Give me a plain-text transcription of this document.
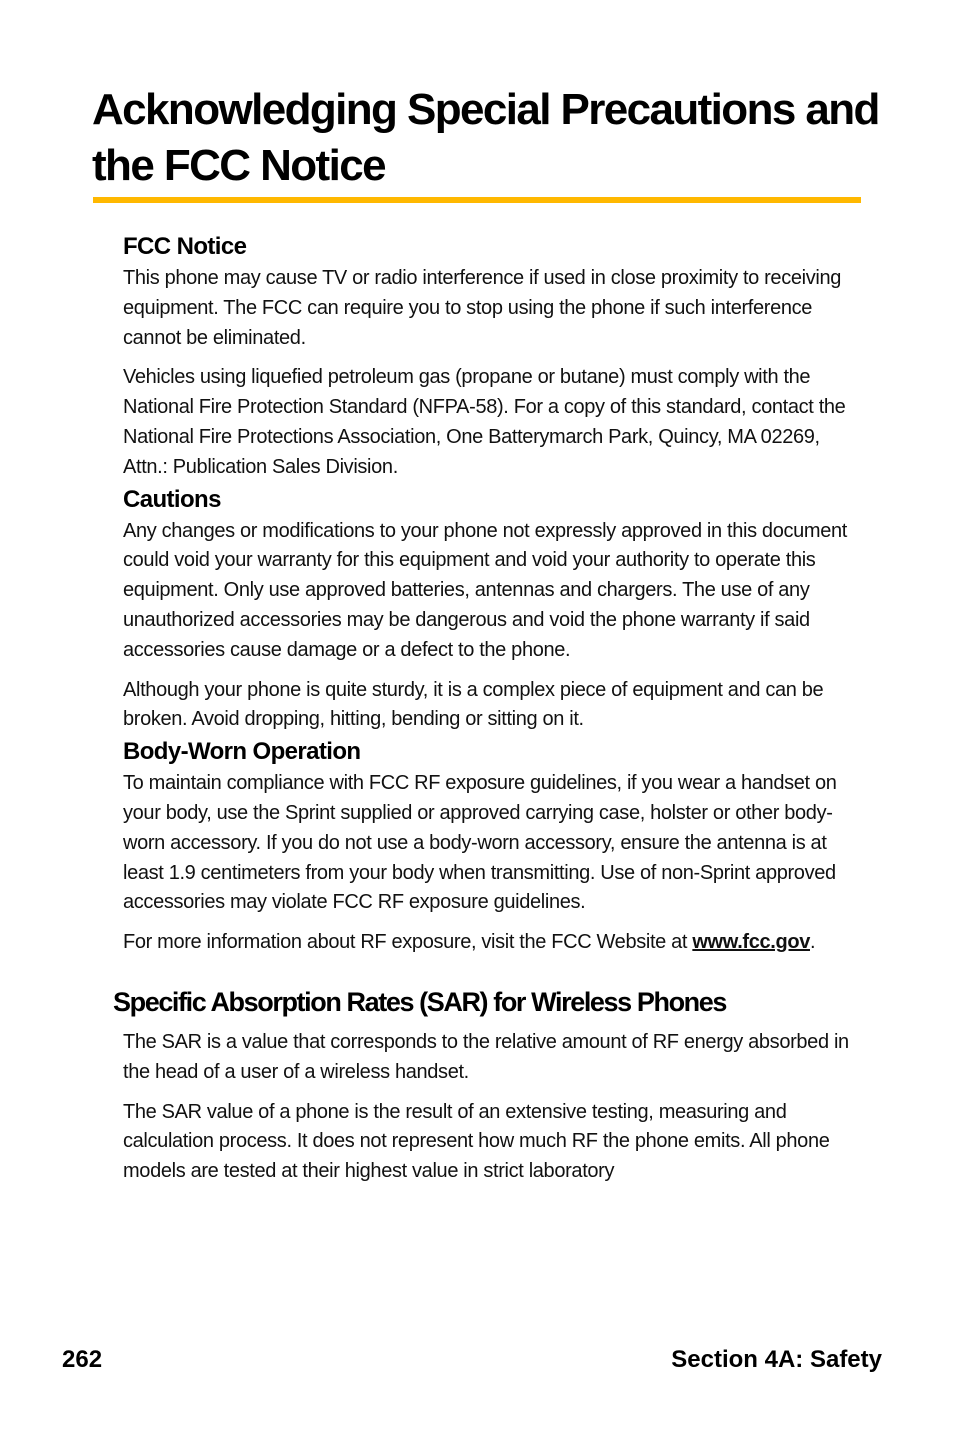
Acknowledging Special Precautions and the FCC Notice
FCC Notice

This phone may cause TV or radio interference if used in close proximity to receiving equipment. The FCC can require you to stop using the phone if such interference cannot be eliminated.

Vehicles using liquefied petroleum gas (propane or butane) must comply with the National Fire Protection Standard (NFPA-58). For a copy of this standard, contact the National Fire Protections Association, One Batterymarch Park, Quincy, MA 02269, Attn.: Publication Sales Division.

Cautions

Any changes or modifications to your phone not expressly approved in this document could void your warranty for this equipment and void your authority to operate this equipment. Only use approved batteries, antennas and chargers. The use of any unauthorized accessories may be dangerous and void the phone warranty if said accessories cause damage or a defect to the phone.

Although your phone is quite sturdy, it is a complex piece of equipment and can be broken. Avoid dropping, hitting, bending or sitting on it.

Body-Worn Operation

To maintain compliance with FCC RF exposure guidelines, if you wear a handset on your body, use the Sprint supplied or approved carrying case, holster or other body-worn accessory. If you do not use a body-worn accessory, ensure the antenna is at least 1.9 centimeters from your body when transmitting. Use of non-Sprint approved accessories may violate FCC RF exposure guidelines.

For more information about RF exposure, visit the FCC Website at www.fcc.gov.

Specific Absorption Rates (SAR) for Wireless Phones

The SAR is a value that corresponds to the relative amount of RF energy absorbed in the head of a user of a wireless handset.

The SAR value of a phone is the result of an extensive testing, measuring and calculation process. It does not represent how much RF the phone emits. All phone models are tested at their highest value in strict laboratory

262	Section 4A: Safety
